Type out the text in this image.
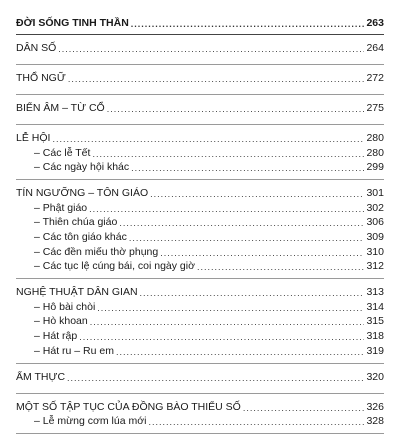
ĐỜI SỐNG TINH THẦN .....	263
DÂN SỐ .....	264
THỔ NGỮ .....	272
BIỂN ÂM – TỪ CỔ .....	275
LỄ HỘI .....	280
– Các lễ Tết .....	280
– Các ngày hội khác .....	299
TÍN NGƯỠNG – TÔN GIÁO .....	301
– Phật giáo .....	302
– Thiên chúa giáo .....	306
– Các tôn giáo khác .....	309
– Các đền miếu thờ phụng .....	310
– Các tục lệ cúng bái, coi ngày giờ .....	312
NGHỆ THUẬT DÂN GIAN .....	313
– Hô bài chòi .....	314
– Hò khoan .....	315
– Hát rập .....	318
– Hát ru – Ru em .....	319
ẨM THỰC .....	320
MỘT SỐ TẬP TỤC CỦA ĐỒNG BÀO THIỂU SỐ .....	326
– Lễ mừng cơm lúa mới .....	328
